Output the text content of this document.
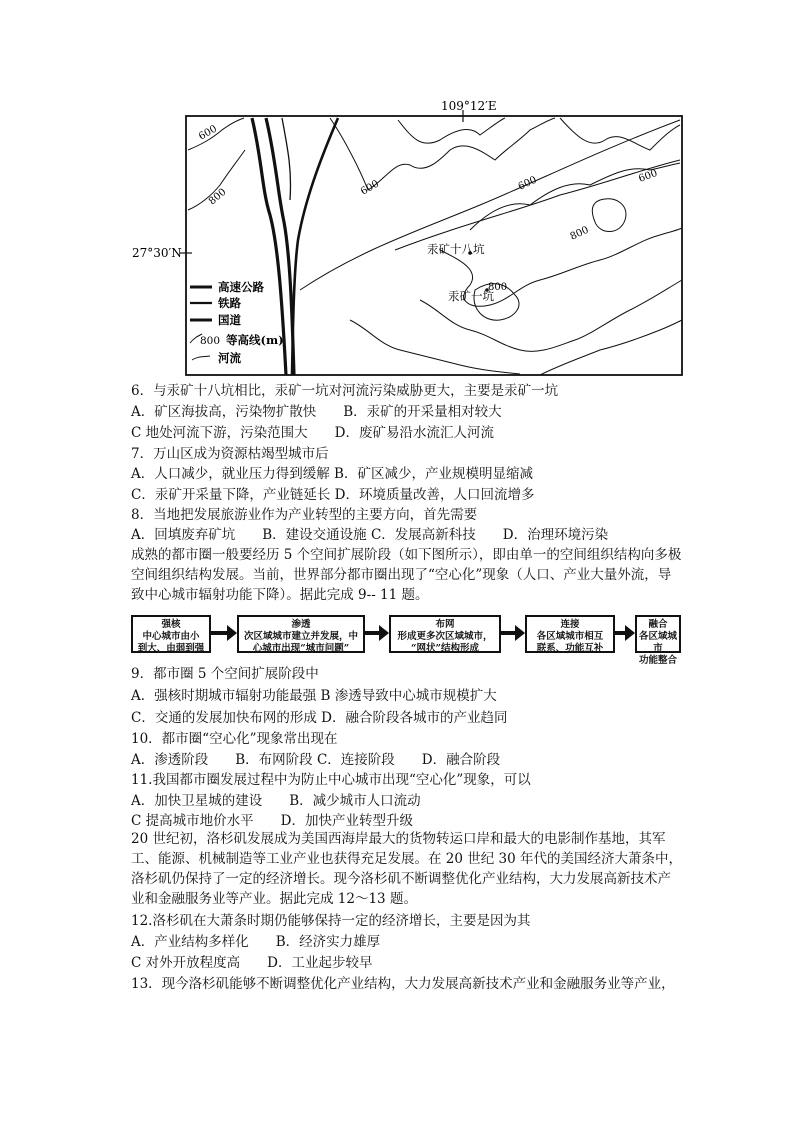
109°12′E
27°30′N
600
800	600	600
800
600
800
汞矿十八坑
汞矿一坑
高速公路
铁路
国道
800 等高线(m)
河流
6．与汞矿十八坑相比，汞矿一坑对河流污染威胁更大，主要是汞矿一坑
A．矿区海拔高，污染物扩散快　　B．汞矿的开采量相对较大
C 地处河流下游，污染范围大　　D．废矿易沿水流汇人河流
7．万山区成为资源枯竭型城市后
A．人口减少，就业压力得到缓解 B．矿区减少，产业规模明显缩减
C．汞矿开采量下降，产业链延长 D．环境质量改善，人口回流增多
8．当地把发展旅游业作为产业转型的主要方向，首先需要
A．回填废弃矿坑　　B．建设交通设施 C．发展高新科技　　D．治理环境污染
成熟的都市圈一般要经历 5 个空间扩展阶段（如下图所示），即由单一的空间组织结构向多极空间组织结构发展。当前，世界部分都市圈出现了“空心化”现象（人口、产业大量外流，导致中心城市辐射功能下降）。据此完成 9-- 11 题。
强核
中心城市由小
到大、由弱到强
渗透
次区域城市建立并发展，中
心城市出现“城市问题”
布网
形成更多次区域城市，
“网状”结构形成
连接
各区域城市相互
联系、功能互补
融合
各区域城市
功能整合
9．都市圈 5 个空间扩展阶段中
A．强核时期城市辐射功能最强 B 渗透导致中心城市规模扩大
C．交通的发展加快布网的形成 D．融合阶段各城市的产业趋同
10．都市圈“空心化”现象常出现在
A．渗透阶段　　B．布网阶段 C．连接阶段　　D．融合阶段
11.我国都市圈发展过程中为防止中心城市出现“空心化”现象，可以
A．加快卫星城的建设　　B．减少城市人口流动
C 提高城市地价水平　　D．加快产业转型升级
20 世纪初，洛杉矶发展成为美国西海岸最大的货物转运口岸和最大的电影制作基地，其军工、能源、机械制造等工业产业也获得充足发展。在 20 世纪 30 年代的美国经济大萧条中，洛杉矶仍保持了一定的经济增长。现今洛杉矶不断调整优化产业结构，大力发展高新技术产业和金融服务业等产业。据此完成 12～13 题。
12.洛杉矶在大萧条时期仍能够保持一定的经济增长，主要是因为其
A．产业结构多样化　　B．经济实力雄厚
C 对外开放程度高　　D．工业起步较早
13．现今洛杉矶能够不断调整优化产业结构，大力发展高新技术产业和金融服务业等产业，
